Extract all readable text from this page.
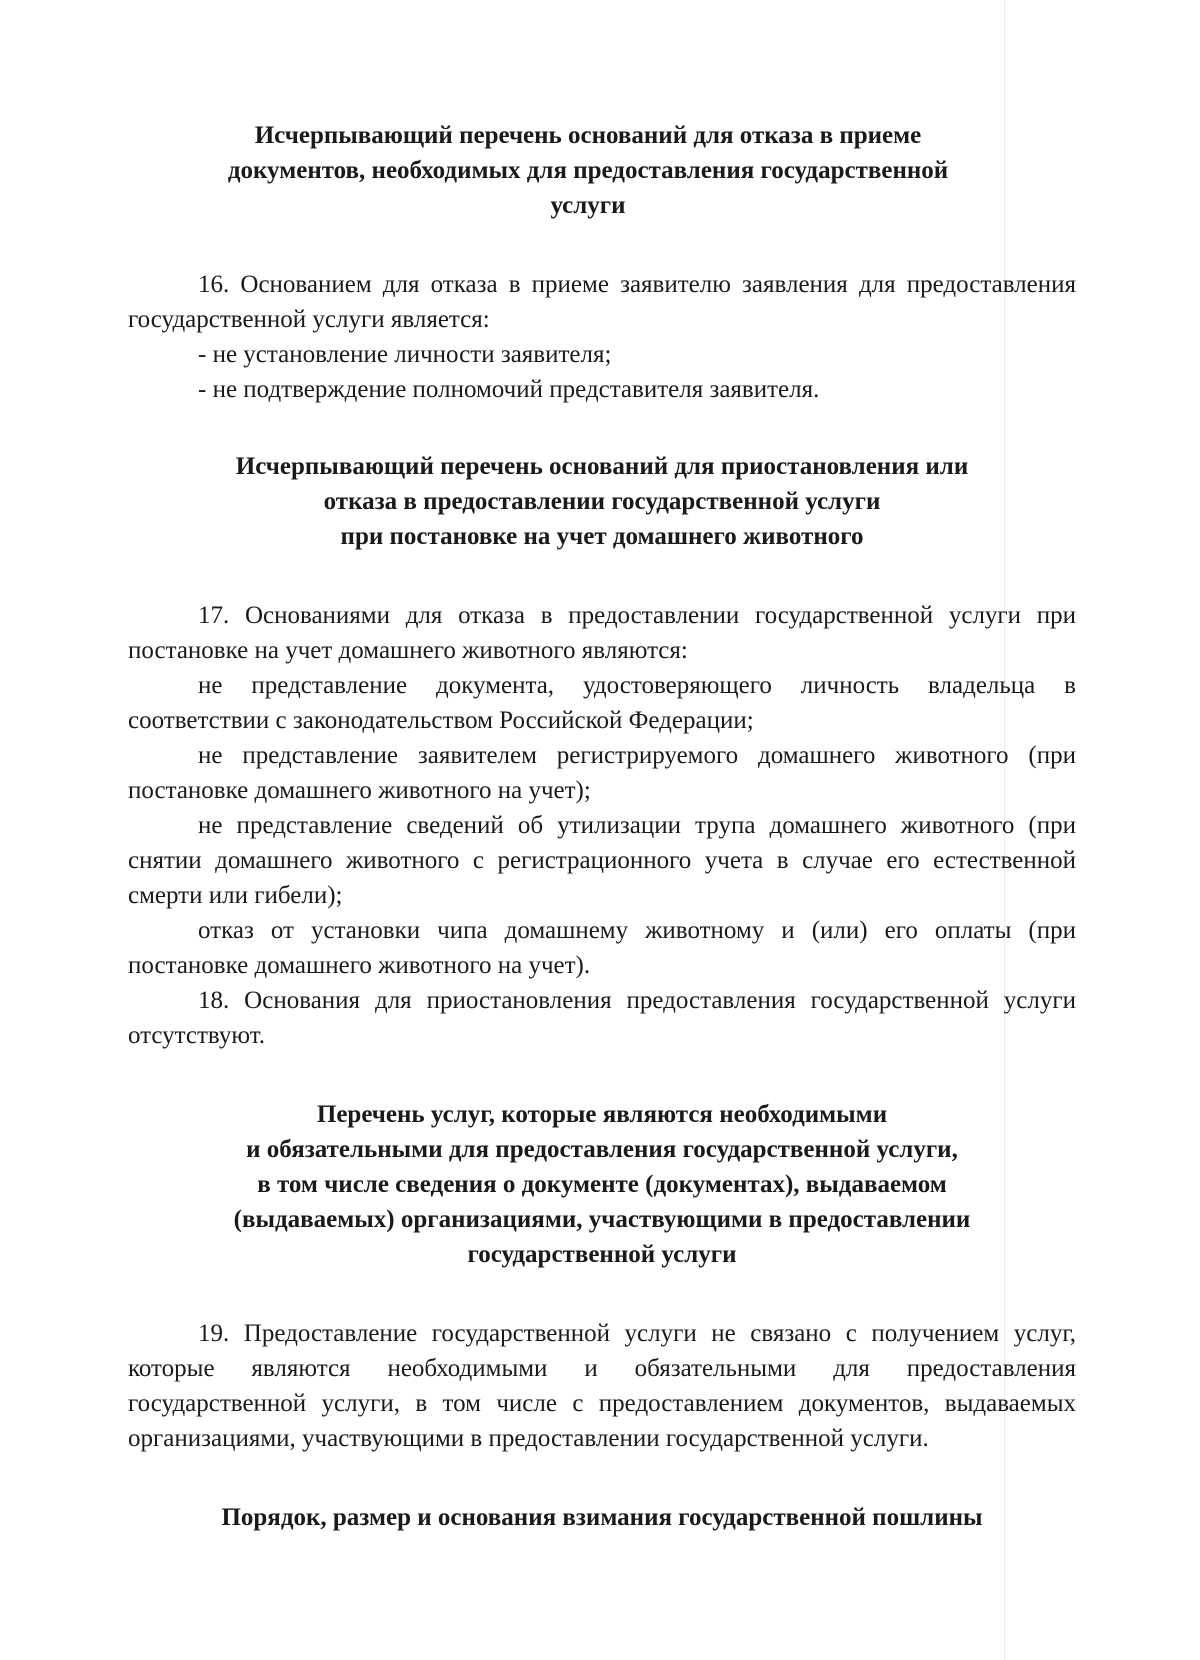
Исчерпывающий перечень оснований для отказа в приеме
документов, необходимых для предоставления государственной
услуги

16. Основанием для отказа в приеме заявителю заявления для предоставления государственной услуги является:

- не установление личности заявителя;

- не подтверждение полномочий представителя заявителя.

Исчерпывающий перечень оснований для приостановления или
отказа в предоставлении государственной услуги
при постановке на учет домашнего животного

17. Основаниями для отказа в предоставлении государственной услуги при постановке на учет домашнего животного являются:

не представление документа, удостоверяющего личность владельца в соответствии с законодательством Российской Федерации;

не представление заявителем регистрируемого домашнего животного (при постановке домашнего животного на учет);

не представление сведений об утилизации трупа домашнего животного (при снятии домашнего животного с регистрационного учета в случае его естественной смерти или гибели);

отказ от установки чипа домашнему животному и (или) его оплаты (при постановке домашнего животного на учет).

18. Основания для приостановления предоставления государственной услуги отсутствуют.

Перечень услуг, которые являются необходимыми
и обязательными для предоставления государственной услуги,
в том числе сведения о документе (документах), выдаваемом
(выдаваемых) организациями, участвующими в предоставлении
государственной услуги

19. Предоставление государственной услуги не связано с получением услуг, которые являются необходимыми и обязательными для предоставления государственной услуги, в том числе с предоставлением документов, выдаваемых организациями, участвующими в предоставлении государственной услуги.

Порядок, размер и основания взимания государственной пошлины
